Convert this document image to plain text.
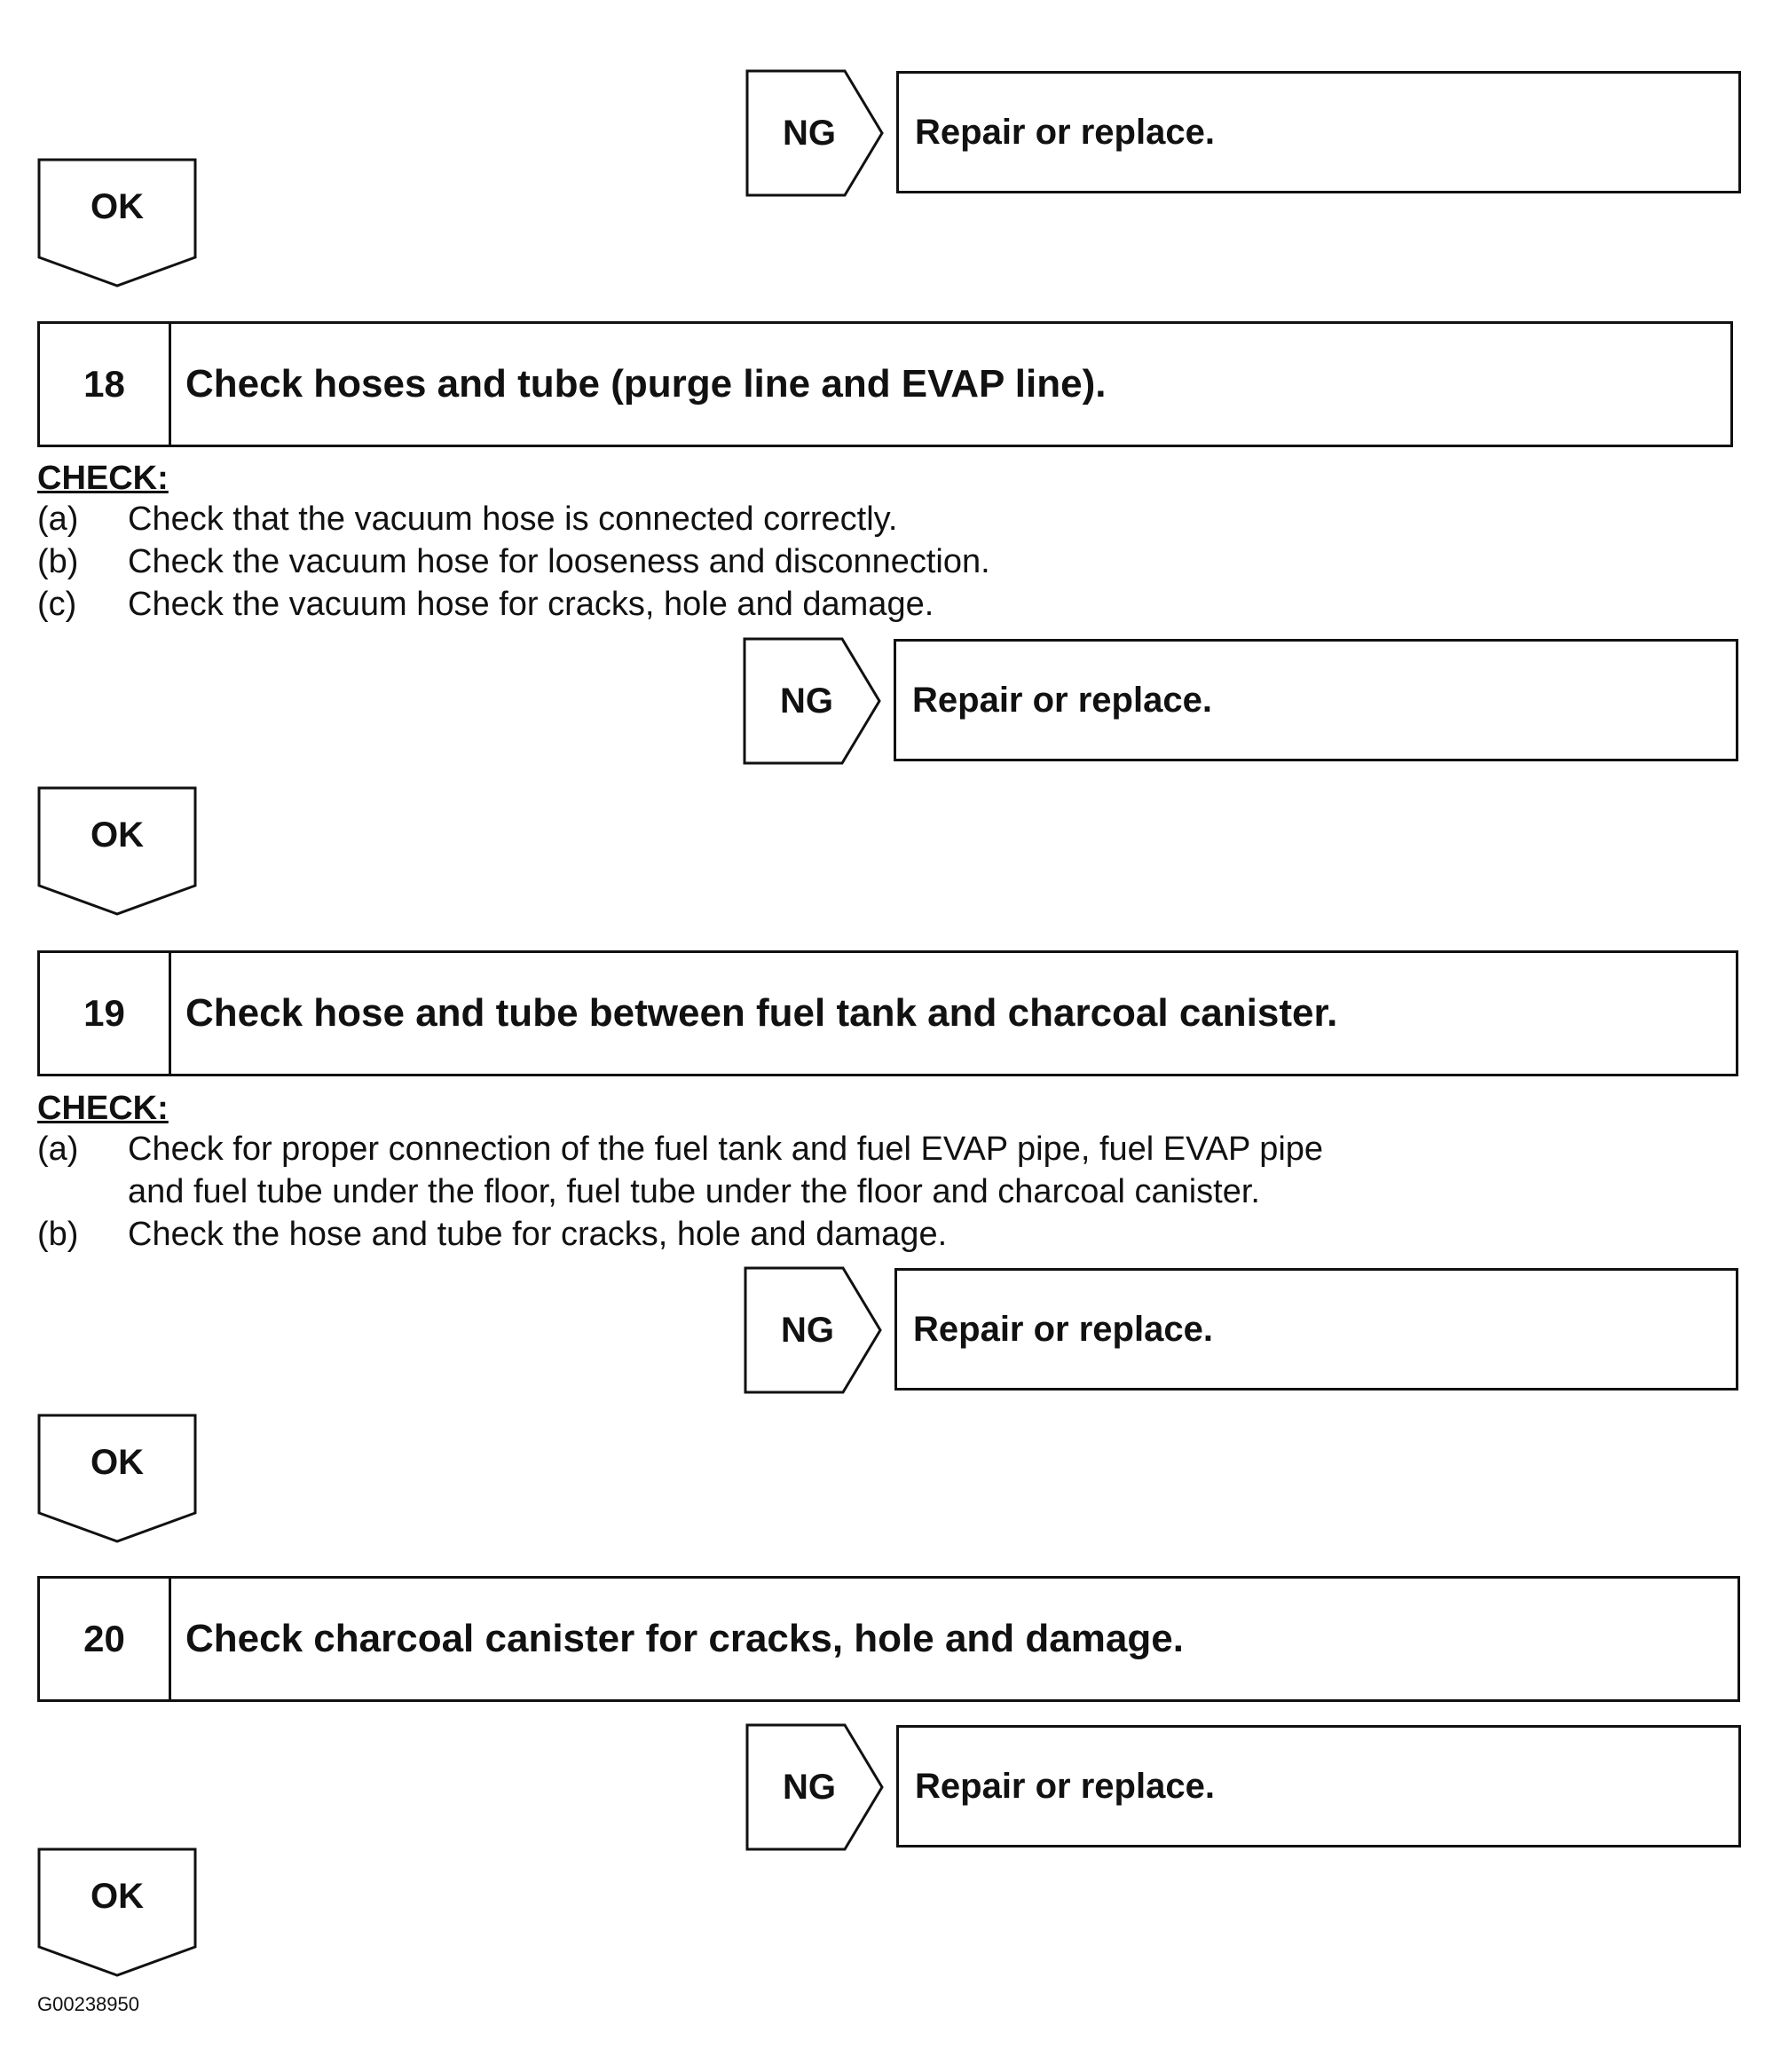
NG	Repair or replace.
OK
18	Check hoses and tube (purge line and EVAP line).
CHECK:
(a)	Check that the vacuum hose is connected correctly.
(b)	Check the vacuum hose for looseness and disconnection.
(c)	Check the vacuum hose for cracks, hole and damage.
NG	Repair or replace.
OK
19	Check hose and tube between fuel tank and charcoal canister.
CHECK:
(a)	Check for proper connection of the fuel tank and fuel EVAP pipe, fuel EVAP pipe
and fuel tube under the floor, fuel tube under the floor and charcoal canister.
(b)	Check the hose and tube for cracks, hole and damage.
NG	Repair or replace.
OK
20	Check charcoal canister for cracks, hole and damage.
NG	Repair or replace.
OK
G00238950
